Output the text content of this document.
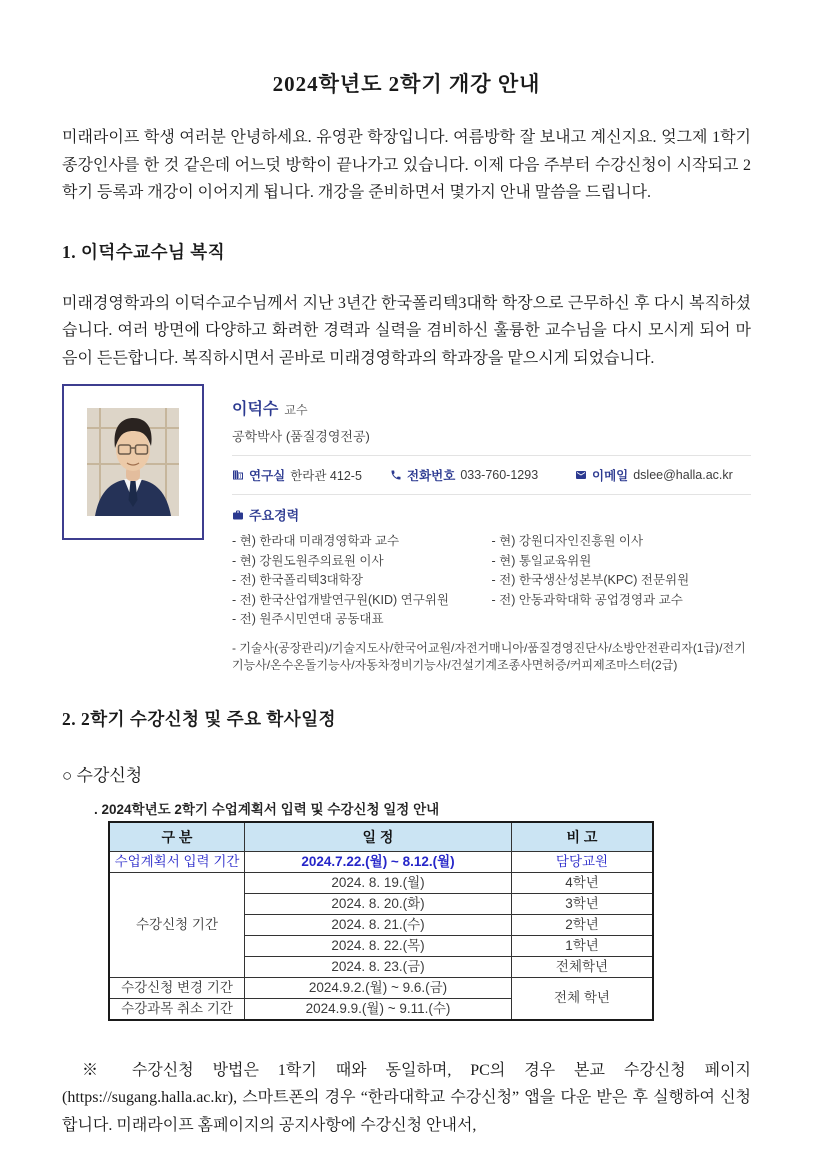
2024학년도 2학기 개강 안내

미래라이프 학생 여러분 안녕하세요. 유영관 학장입니다. 여름방학 잘 보내고 계신지요. 엊그제 1학기 종강인사를 한 것 같은데 어느덧 방학이 끝나가고 있습니다. 이제 다음 주부터 수강신청이 시작되고 2학기 등록과 개강이 이어지게 됩니다. 개강을 준비하면서 몇가지 안내 말씀을 드립니다.

1. 이덕수교수님 복직

미래경영학과의 이덕수교수님께서 지난 3년간 한국폴리텍3대학 학장으로 근무하신 후 다시 복직하셨습니다. 여러 방면에 다양하고 화려한 경력과 실력을 겸비하신 훌륭한 교수님을 다시 모시게 되어 마음이 든든합니다. 복직하시면서 곧바로 미래경영학과의 학과장을 맡으시게 되었습니다.

이덕수 교수
공학박사 (품질경영전공)
연구실 한라관 412-5	전화번호 033-760-1293	이메일 dslee@halla.ac.kr
주요경력
- 현) 한라대 미래경영학과 교수
- 현) 강원도원주의료원 이사
- 전) 한국폴리텍3대학장
- 전) 한국산업개발연구원(KID) 연구위원
- 전) 원주시민연대 공동대표
- 현) 강원디자인진흥원 이사
- 현) 통일교육위원
- 전) 한국생산성본부(KPC) 전문위원
- 전) 안동과학대학 공업경영과 교수
- 기술사(공장관리)/기술지도사/한국어교원/자전거매니아/품질경영진단사/소방안전관리자(1급)/전기기능사/온수온돌기능사/자동차정비기능사/건설기계조종사면허증/커피제조마스터(2급)
2. 2학기 수강신청 및 주요 학사일정
○ 수강신청
. 2024학년도 2학기 수업계획서 입력 및 수강신청 일정 안내
구 분	일 정	비 고
수업계획서 입력 기간	2024.7.22.(월) ~ 8.12.(월)	담당교원
수강신청 기간	2024. 8. 19.(월)	4학년
	2024. 8. 20.(화)	3학년
	2024. 8. 21.(수)	2학년
	2024. 8. 22.(목)	1학년
	2024. 8. 23.(금)	전체학년
수강신청 변경 기간	2024.9.2.(월) ~ 9.6.(금)	전체 학년
수강과목 취소 기간	2024.9.9.(월) ~ 9.11.(수)	

※ 수강신청 방법은 1학기 때와 동일하며, PC의 경우 본교 수강신청 페이지(https://sugang.halla.ac.kr), 스마트폰의 경우 “한라대학교 수강신청” 앱을 다운 받은 후 실행하여 신청합니다. 미래라이프 홈페이지의 공지사항에 수강신청 안내서,
